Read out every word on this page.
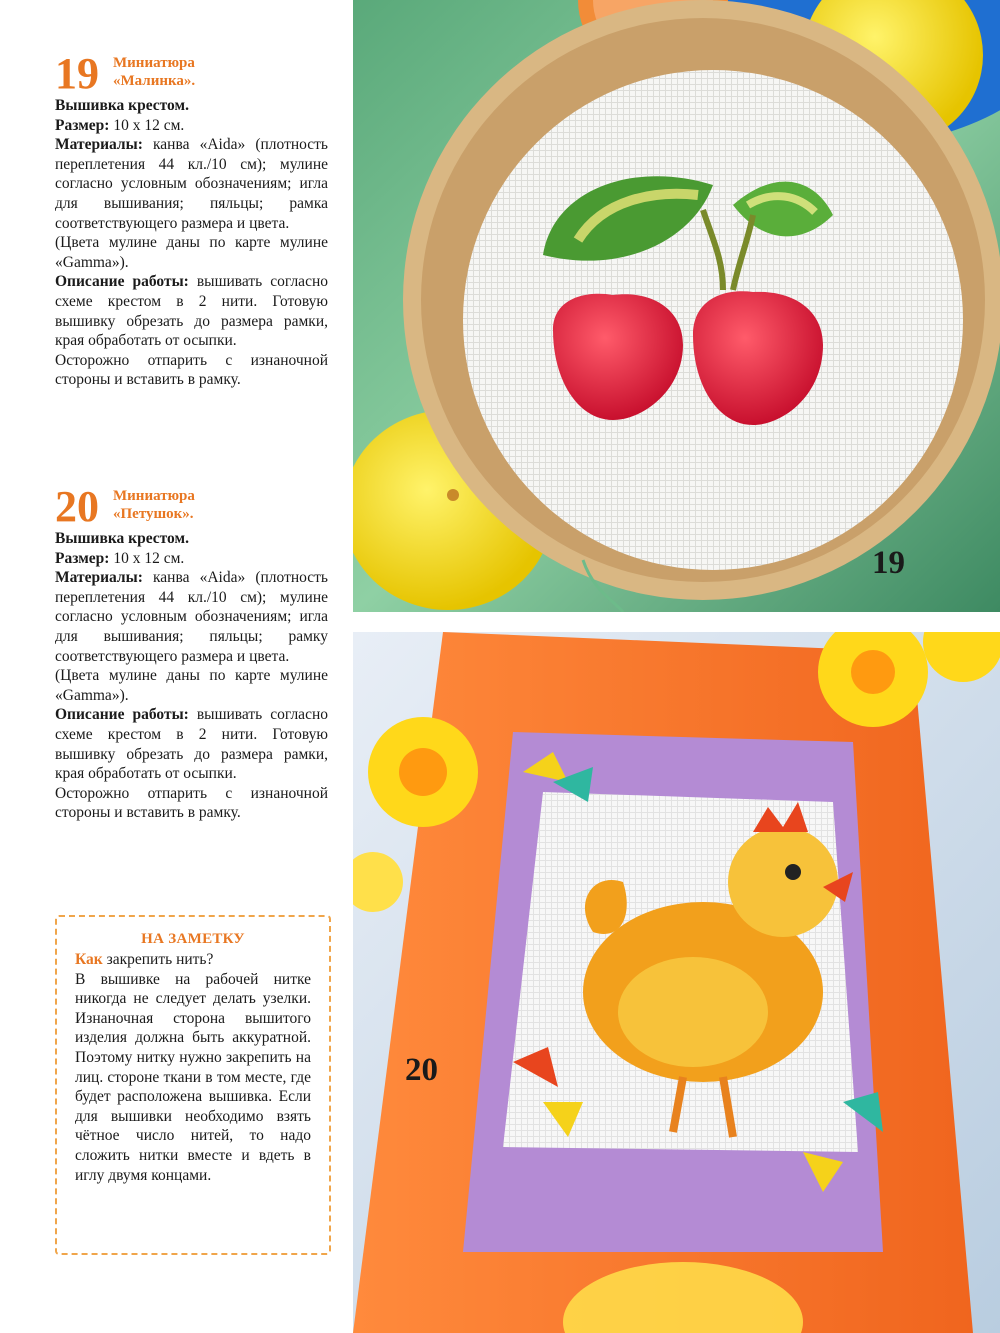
19 Миниатюра
«Малинка».

Вышивка крестом.

Размер: 10 х 12 см.

Материалы: канва «Aida» (плотность переплетения 44 кл./10 см); мулине согласно условным обозначениям; игла для вышивания; пяльцы; рамка соответствующего размера и цвета.

(Цвета мулине даны по карте мулине «Gamma»).

Описание работы: вышивать согласно схеме крестом в 2 нити. Готовую вышивку обрезать до размера рамки, края обработать от осыпки.

Осторожно отпарить с изнаночной стороны и вставить в рамку.

20 Миниатюра
«Петушок».

Вышивка крестом.

Размер: 10 х 12 см.

Материалы: канва «Aida» (плотность переплетения 44 кл./10 см); мулине согласно условным обозначениям; игла для вышивания; пяльцы; рамку соответствующего размера и цвета.

(Цвета мулине даны по карте мулине «Gamma»).

Описание работы: вышивать согласно схеме крестом в 2 нити. Готовую вышивку обрезать до размера рамки, края обработать от осыпки.

Осторожно отпарить с изнаночной стороны и вставить в рамку.

НА ЗАМЕТКУ

Как закрепить нить?

В вышивке на рабочей нитке никогда не следует делать узелки. Изнаночная сторона вышитого изделия должна быть аккуратной. Поэтому нитку нужно закрепить на лиц. стороне ткани в том месте, где будет расположена вышивка. Если для вышивки необходимо взять чётное число нитей, то надо сложить нитки вместе и вдеть в иглу двумя концами.

19
20
